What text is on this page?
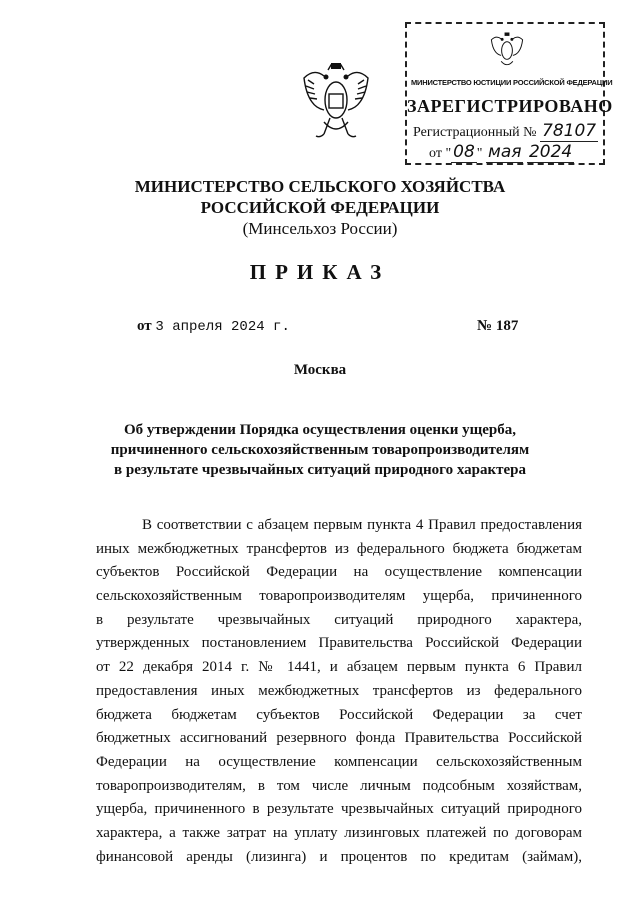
МИНИСТЕРСТВО ЮСТИЦИИ РОССИЙСКОЙ ФЕДЕРАЦИИ
ЗАРЕГИСТРИРОВАНО
Регистрационный № 78107
от " 08 " мая 2024
МИНИСТЕРСТВО СЕЛЬСКОГО ХОЗЯЙСТВА
РОССИЙСКОЙ ФЕДЕРАЦИИ
(Минсельхоз России)
ПРИКАЗ
от 3 апреля 2024 г.	№ 187
Москва
Об утверждении Порядка осуществления оценки ущерба,
причиненного сельскохозяйственным товаропроизводителям
в результате чрезвычайных ситуаций природного характера
В соответствии с абзацем первым пункта 4 Правил предоставления
иных межбюджетных трансфертов из федерального бюджета бюджетам
субъектов Российской Федерации на осуществление компенсации
сельскохозяйственным товаропроизводителям ущерба, причиненного
в результате чрезвычайных ситуаций природного характера,
утвержденных постановлением Правительства Российской Федерации
от 22 декабря 2014 г. № 1441, и абзацем первым пункта 6 Правил
предоставления иных межбюджетных трансфертов из федерального
бюджета бюджетам субъектов Российской Федерации за счет
бюджетных ассигнований резервного фонда Правительства Российской
Федерации на осуществление компенсации сельскохозяйственным
товаропроизводителям, в том числе личным подсобным хозяйствам,
ущерба, причиненного в результате чрезвычайных ситуаций природного
характера, а также затрат на уплату лизинговых платежей по договорам
финансовой аренды (лизинга) и процентов по кредитам (займам),
